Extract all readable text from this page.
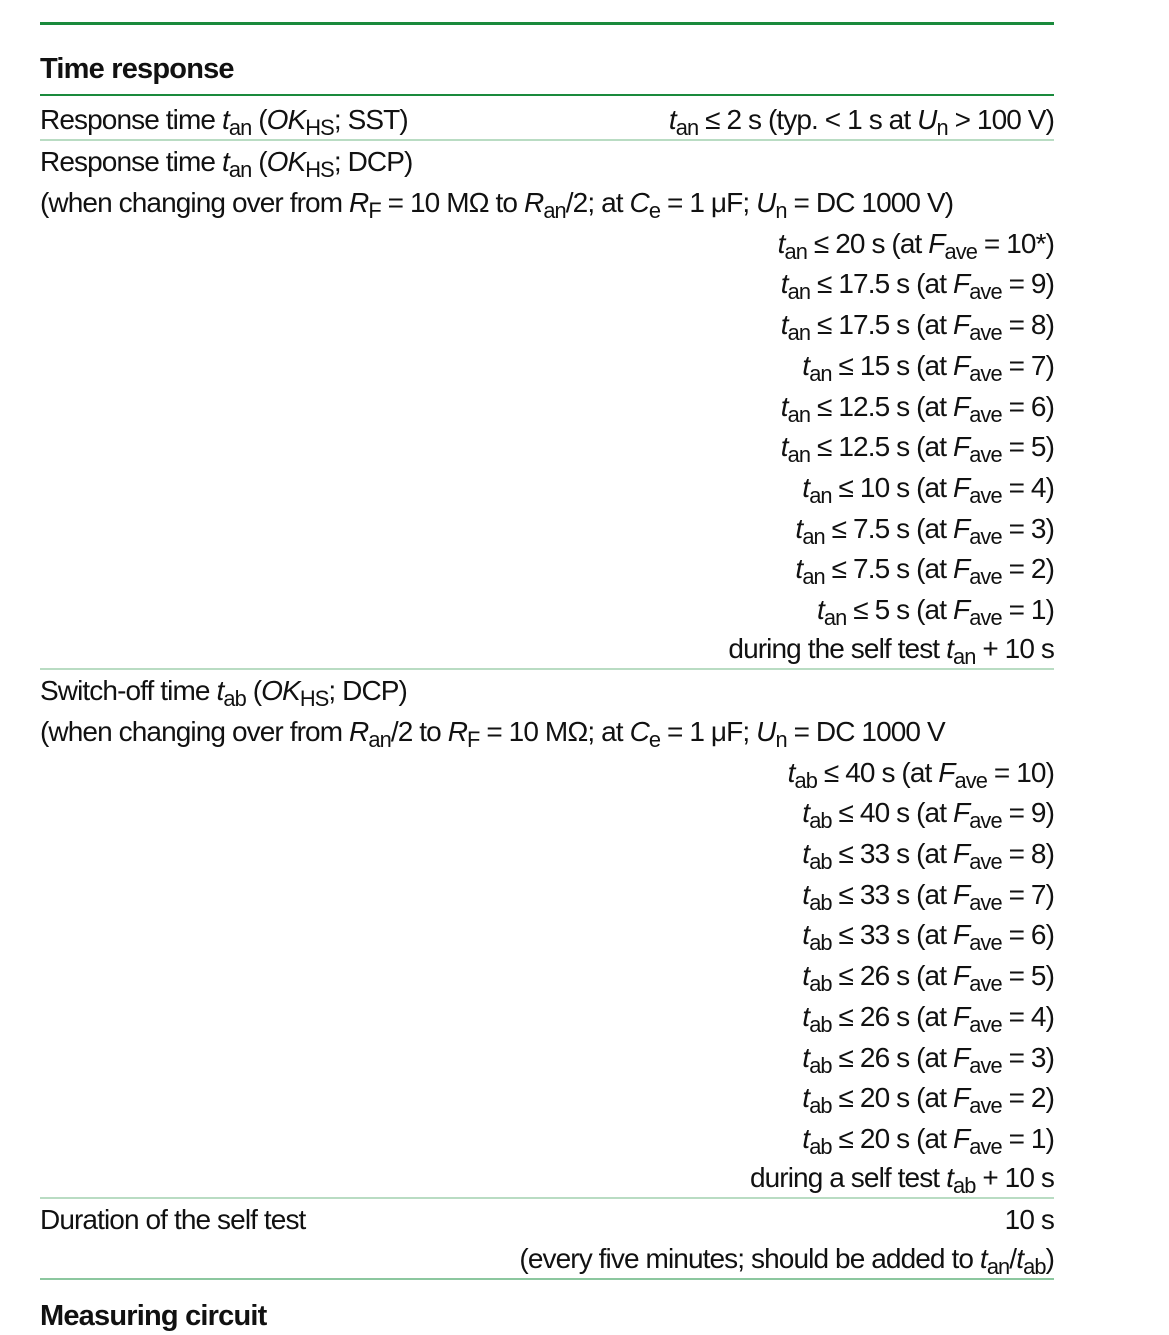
Time response
Response time $t_{an}$ ($OK_{HS}$; SST)	$t_{an} \le 2$ s (typ. < 1 s at $U_n > 100$ V)
Response time $t_{an}$ ($OK_{HS}$; DCP)
(when changing over from $R_F = 10$ MΩ to $R_{an}/2$; at $C_e = 1$ μF; $U_n$ = DC 1000 V)
$t_{an} \le 20$ s (at $F_{ave} = 10*$)
$t_{an} \le 17.5$ s (at $F_{ave} = 9$)
$t_{an} \le 17.5$ s (at $F_{ave} = 8$)
$t_{an} \le 15$ s (at $F_{ave} = 7$)
$t_{an} \le 12.5$ s (at $F_{ave} = 6$)
$t_{an} \le 12.5$ s (at $F_{ave} = 5$)
$t_{an} \le 10$ s (at $F_{ave} = 4$)
$t_{an} \le 7.5$ s (at $F_{ave} = 3$)
$t_{an} \le 7.5$ s (at $F_{ave} = 2$)
$t_{an} \le 5$ s (at $F_{ave} = 1$)
during the self test $t_{an} + 10$ s
Switch-off time $t_{ab}$ ($OK_{HS}$; DCP)
(when changing over from $R_{an}/2$ to $R_F = 10$ MΩ; at $C_e = 1$ μF; $U_n$ = DC 1000 V
$t_{ab} \le 40$ s (at $F_{ave} = 10$)
$t_{ab} \le 40$ s (at $F_{ave} = 9$)
$t_{ab} \le 33$ s (at $F_{ave} = 8$)
$t_{ab} \le 33$ s (at $F_{ave} = 7$)
$t_{ab} \le 33$ s (at $F_{ave} = 6$)
$t_{ab} \le 26$ s (at $F_{ave} = 5$)
$t_{ab} \le 26$ s (at $F_{ave} = 4$)
$t_{ab} \le 26$ s (at $F_{ave} = 3$)
$t_{ab} \le 20$ s (at $F_{ave} = 2$)
$t_{ab} \le 20$ s (at $F_{ave} = 1$)
during a self test $t_{ab} + 10$ s
Duration of the self test	10 s
(every five minutes; should be added to $t_{an}/t_{ab}$)
Measuring circuit
